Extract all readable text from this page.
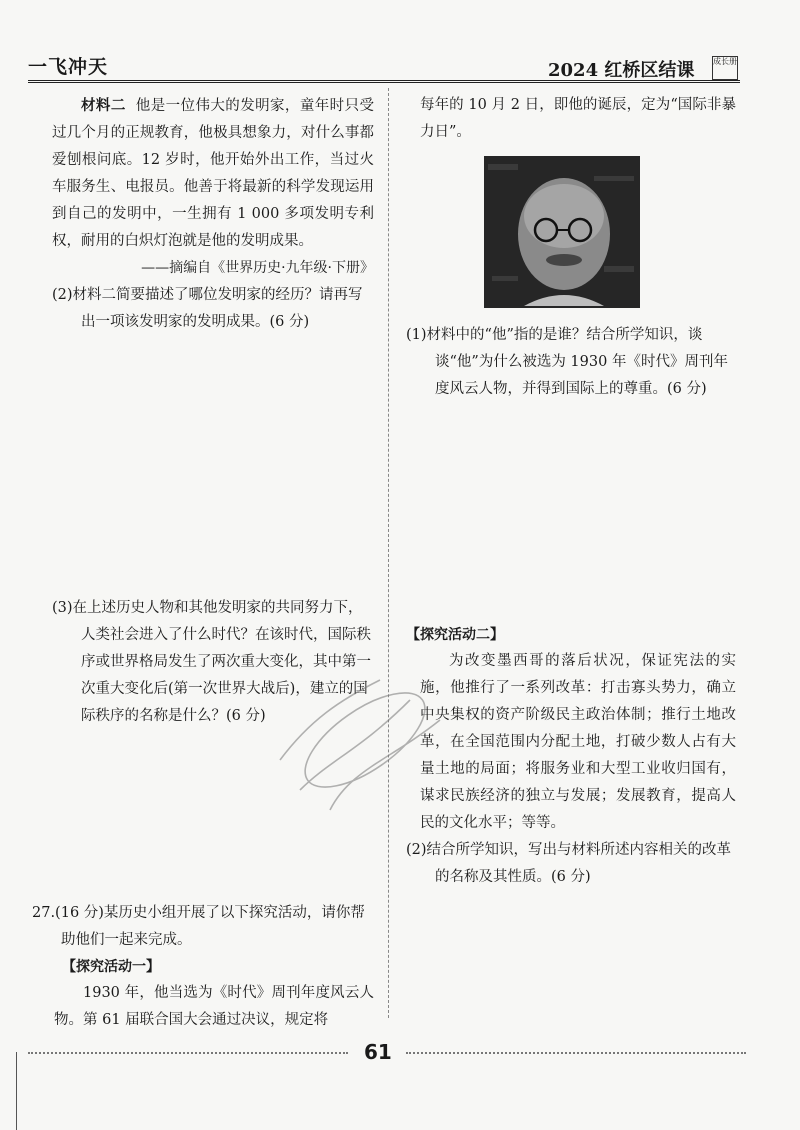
一飞冲天	2024 红桥区结课 成长册

材料二 他是一位伟大的发明家，童年时只受过几个月的正规教育，他极具想象力，对什么事都爱刨根问底。12 岁时，他开始外出工作，当过火车服务生、电报员。他善于将最新的科学发现运用到自己的发明中，一生拥有 1 000 多项发明专利权，耐用的白炽灯泡就是他的发明成果。

——摘编自《世界历史·九年级·下册》

(2)材料二简要描述了哪位发明家的经历？请再写出一项该发明家的发明成果。(6 分)

(3)在上述历史人物和其他发明家的共同努力下，人类社会进入了什么时代？在该时代，国际秩序或世界格局发生了两次重大变化，其中第一次重大变化后(第一次世界大战后)，建立的国际秩序的名称是什么？(6 分)

27.(16 分)某历史小组开展了以下探究活动，请你帮助他们一起来完成。

【探究活动一】

1930 年，他当选为《时代》周刊年度风云人物。第 61 届联合国大会通过决议，规定将

每年的 10 月 2 日，即他的诞辰，定为“国际非暴力日”。

(1)材料中的“他”指的是谁？结合所学知识，谈谈“他”为什么被选为 1930 年《时代》周刊年度风云人物，并得到国际上的尊重。(6 分)

【探究活动二】

为改变墨西哥的落后状况，保证宪法的实施，他推行了一系列改革：打击寡头势力，确立中央集权的资产阶级民主政治体制；推行土地改革，在全国范围内分配土地，打破少数人占有大量土地的局面；将服务业和大型工业收归国有，谋求民族经济的独立与发展；发展教育，提高人民的文化水平；等等。

(2)结合所学知识，写出与材料所述内容相关的改革的名称及其性质。(6 分)

61
